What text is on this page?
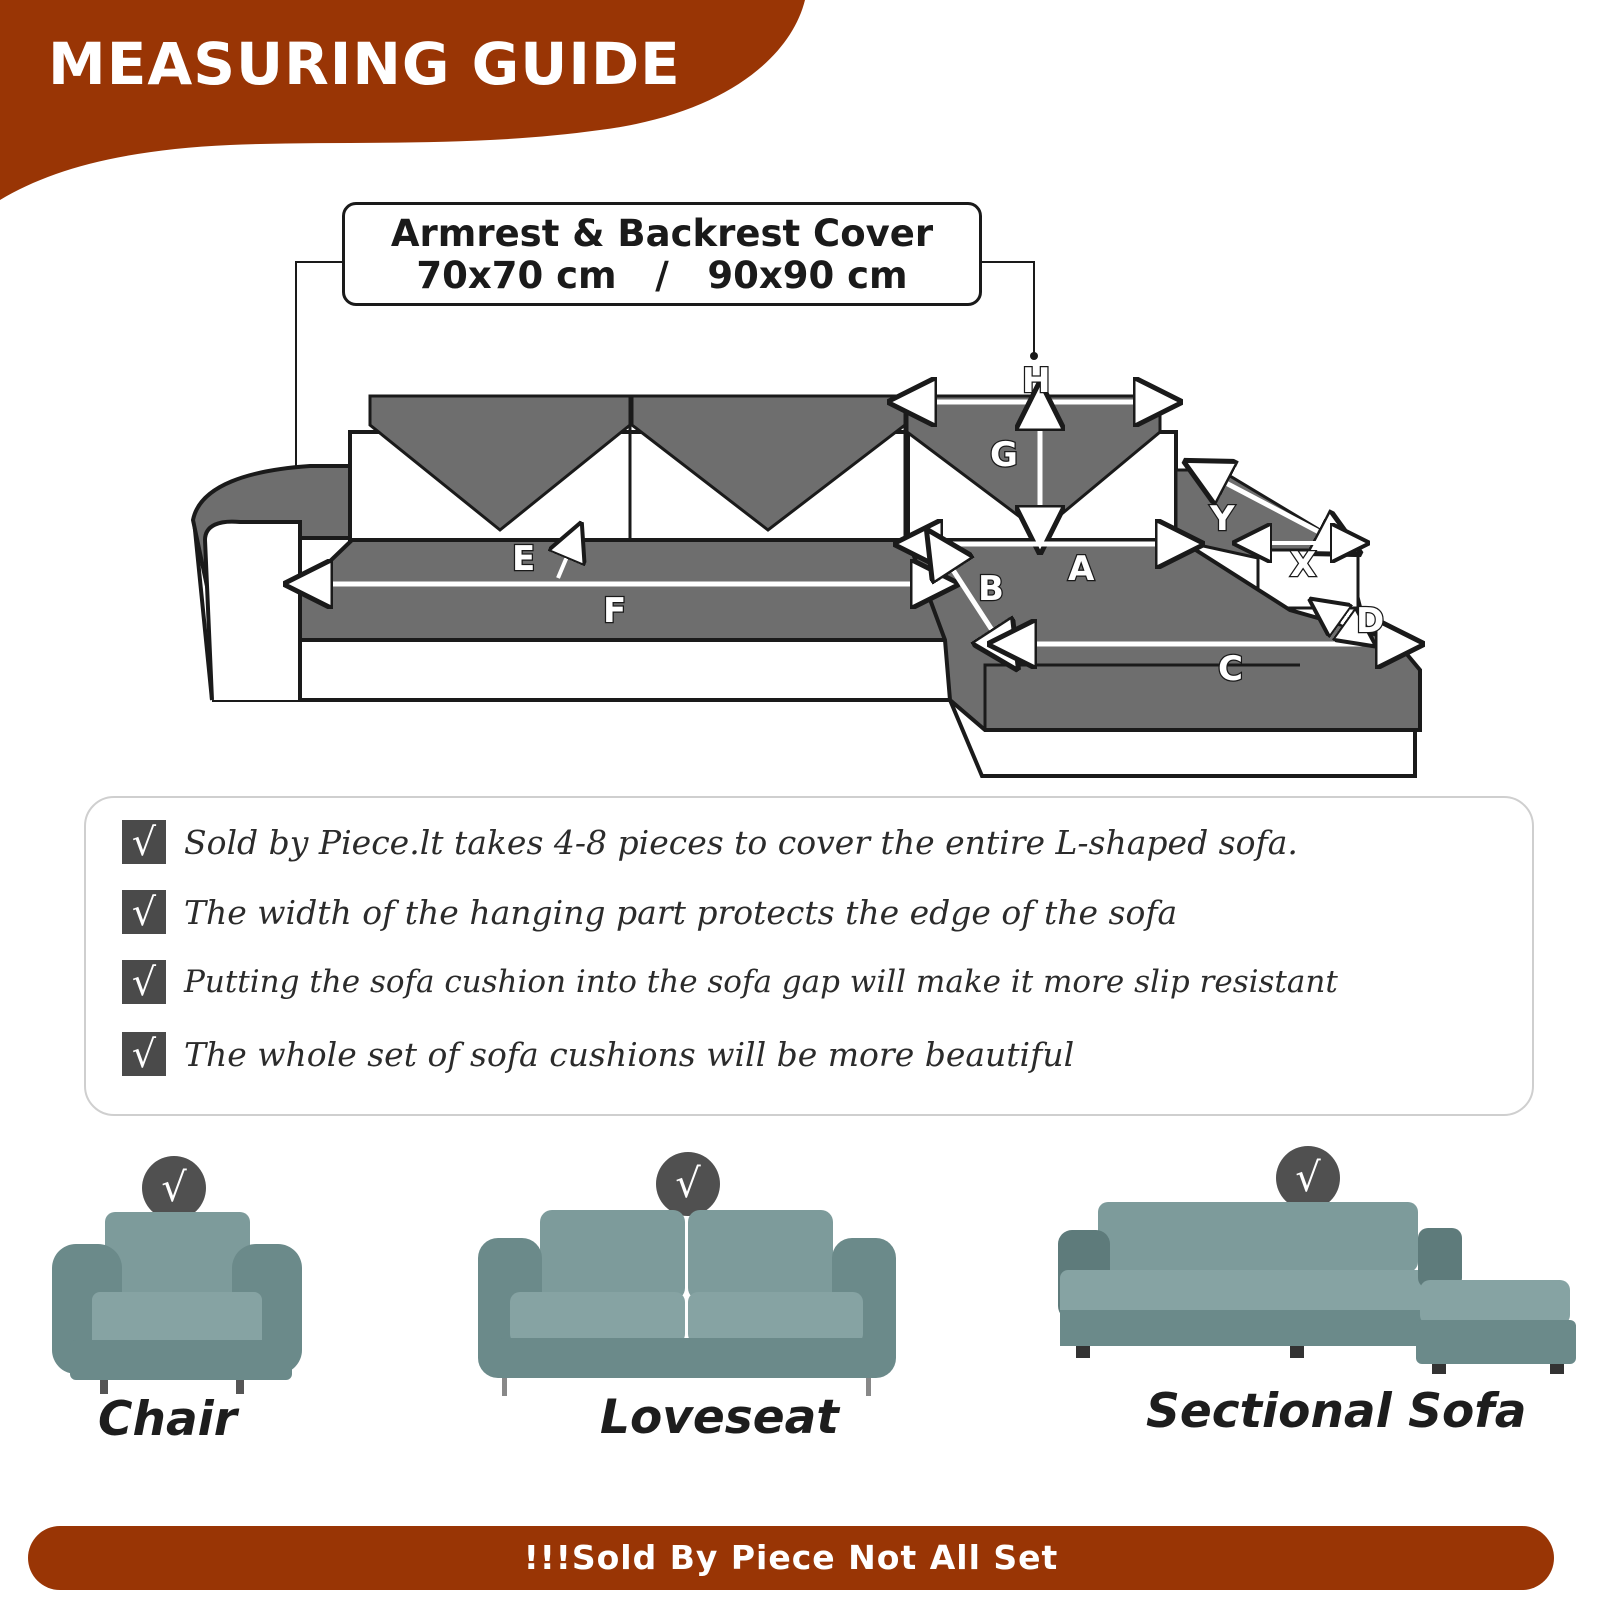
MEASURING GUIDE
Armrest & Backrest Cover
70x70 cm   /   90x90 cm
H
G
E
F
A
B
C
D
X
Y
√ Sold by Piece.lt takes 4-8 pieces to cover the entire L-shaped sofa.
√ The width of the hanging part protects the edge of the sofa
√ Putting the sofa cushion into the sofa gap will make it more slip resistant
√ The whole set of sofa cushions will be more beautiful
√	√	√
Chair	Loveseat	Sectional Sofa
!!!Sold By Piece Not All Set
